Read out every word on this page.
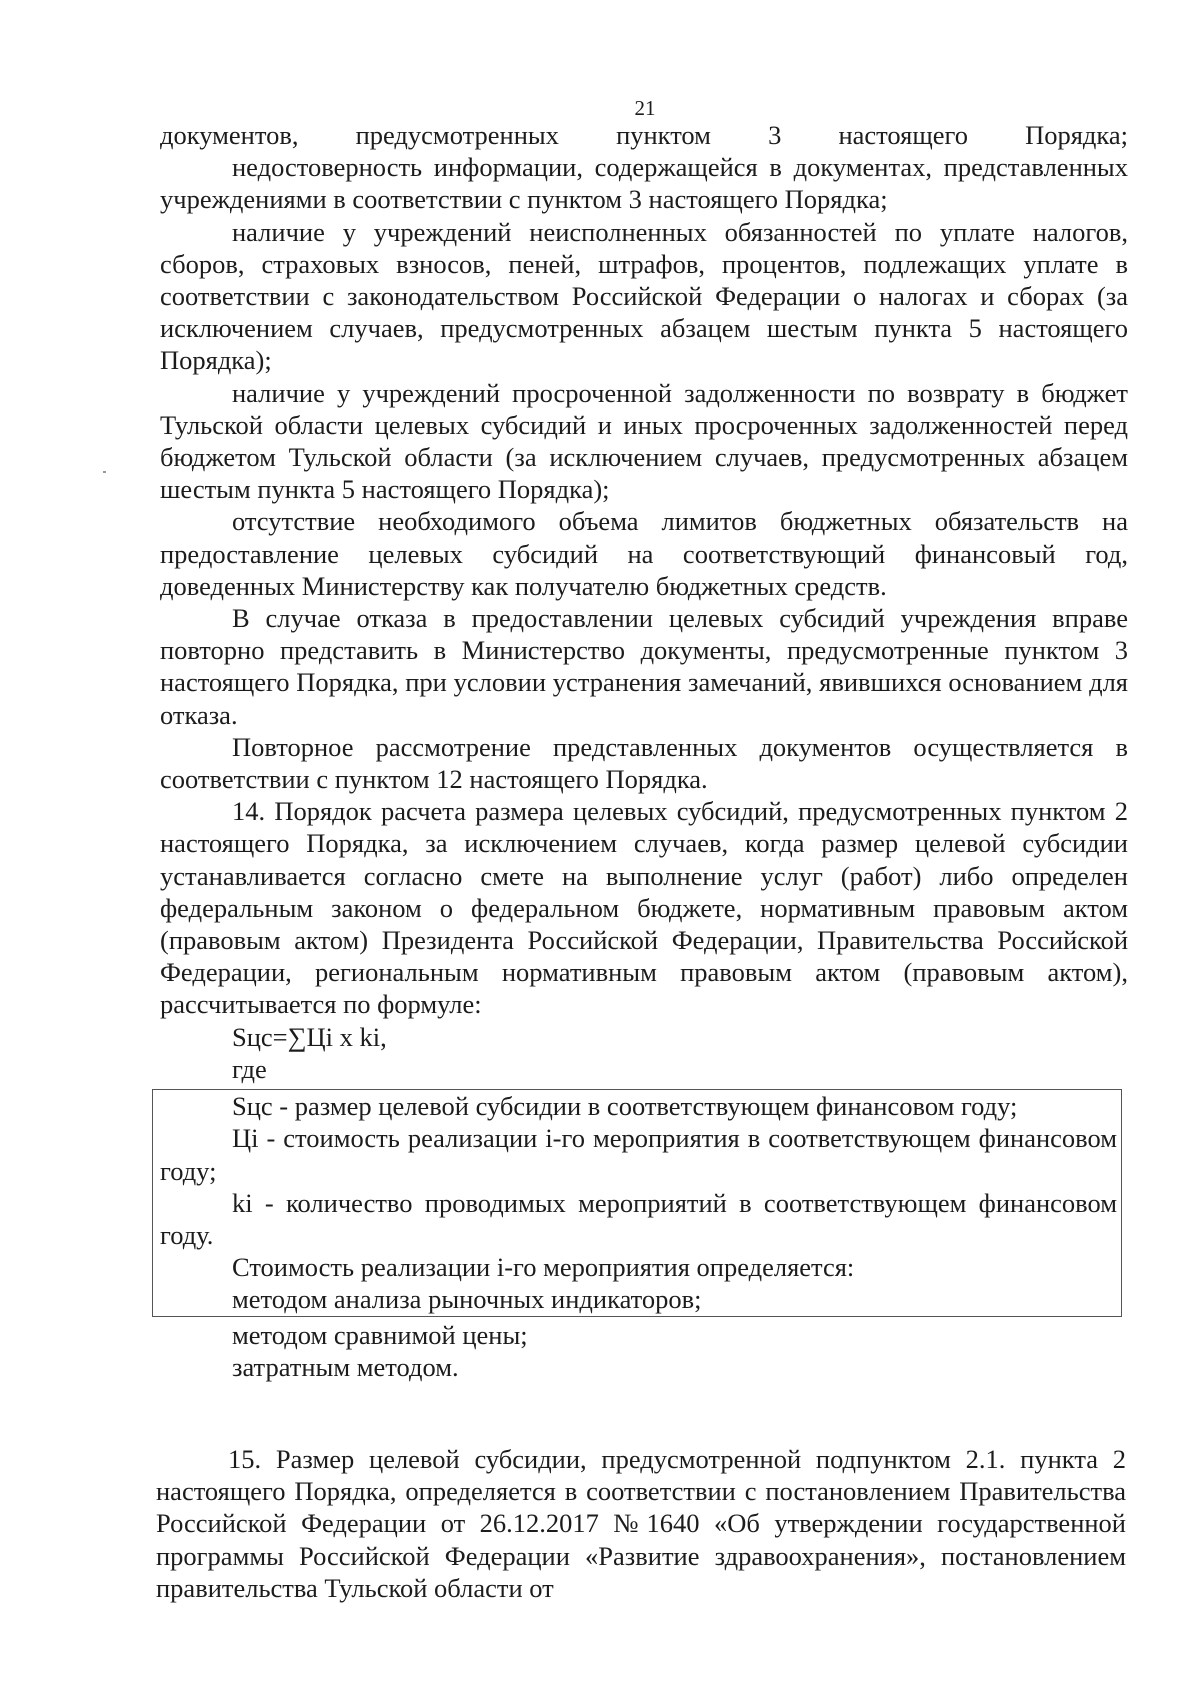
21

документов, предусмотренных пунктом 3 настоящего Порядка;

недостоверность информации, содержащейся в документах, представленных учреждениями в соответствии с пунктом 3 настоящего Порядка;

наличие у учреждений неисполненных обязанностей по уплате налогов, сборов, страховых взносов, пеней, штрафов, процентов, подлежащих уплате в соответствии с законодательством Российской Федерации о налогах и сборах (за исключением случаев, предусмотренных абзацем шестым пункта 5 настоящего Порядка);

наличие у учреждений просроченной задолженности по возврату в бюджет Тульской области целевых субсидий и иных просроченных задолженностей перед бюджетом Тульской области (за исключением случаев, предусмотренных абзацем шестым пункта 5 настоящего Порядка);

отсутствие необходимого объема лимитов бюджетных обязательств на предоставление целевых субсидий на соответствующий финансовый год, доведенных Министерству как получателю бюджетных средств.

В случае отказа в предоставлении целевых субсидий учреждения вправе повторно представить в Министерство документы, предусмотренные пунктом 3 настоящего Порядка, при условии устранения замечаний, явившихся основанием для отказа.

Повторное рассмотрение представленных документов осуществляется в соответствии с пунктом 12 настоящего Порядка.

14. Порядок расчета размера целевых субсидий, предусмотренных пунктом 2 настоящего Порядка, за исключением случаев, когда размер целевой субсидии устанавливается согласно смете на выполнение услуг (работ) либо определен федеральным законом о федеральном бюджете, нормативным правовым актом (правовым актом) Президента Российской Федерации, Правительства Российской Федерации, региональным нормативным правовым актом (правовым актом), рассчитывается по формуле:

Sцс=∑Цi x ki,

где

Sцс - размер целевой субсидии в соответствующем финансовом году;

Цi - стоимость реализации i-го мероприятия в соответствующем финансовом году;

ki - количество проводимых мероприятий в соответствующем финансовом году.

Стоимость реализации i-го мероприятия определяется:

методом анализа рыночных индикаторов;

методом сравнимой цены;

затратным методом.

15. Размер целевой субсидии, предусмотренной подпунктом 2.1. пункта 2 настоящего Порядка, определяется в соответствии с постановлением Правительства Российской Федерации от 26.12.2017 №1640 «Об утверждении государственной программы Российской Федерации «Развитие здравоохранения», постановлением правительства Тульской области от
